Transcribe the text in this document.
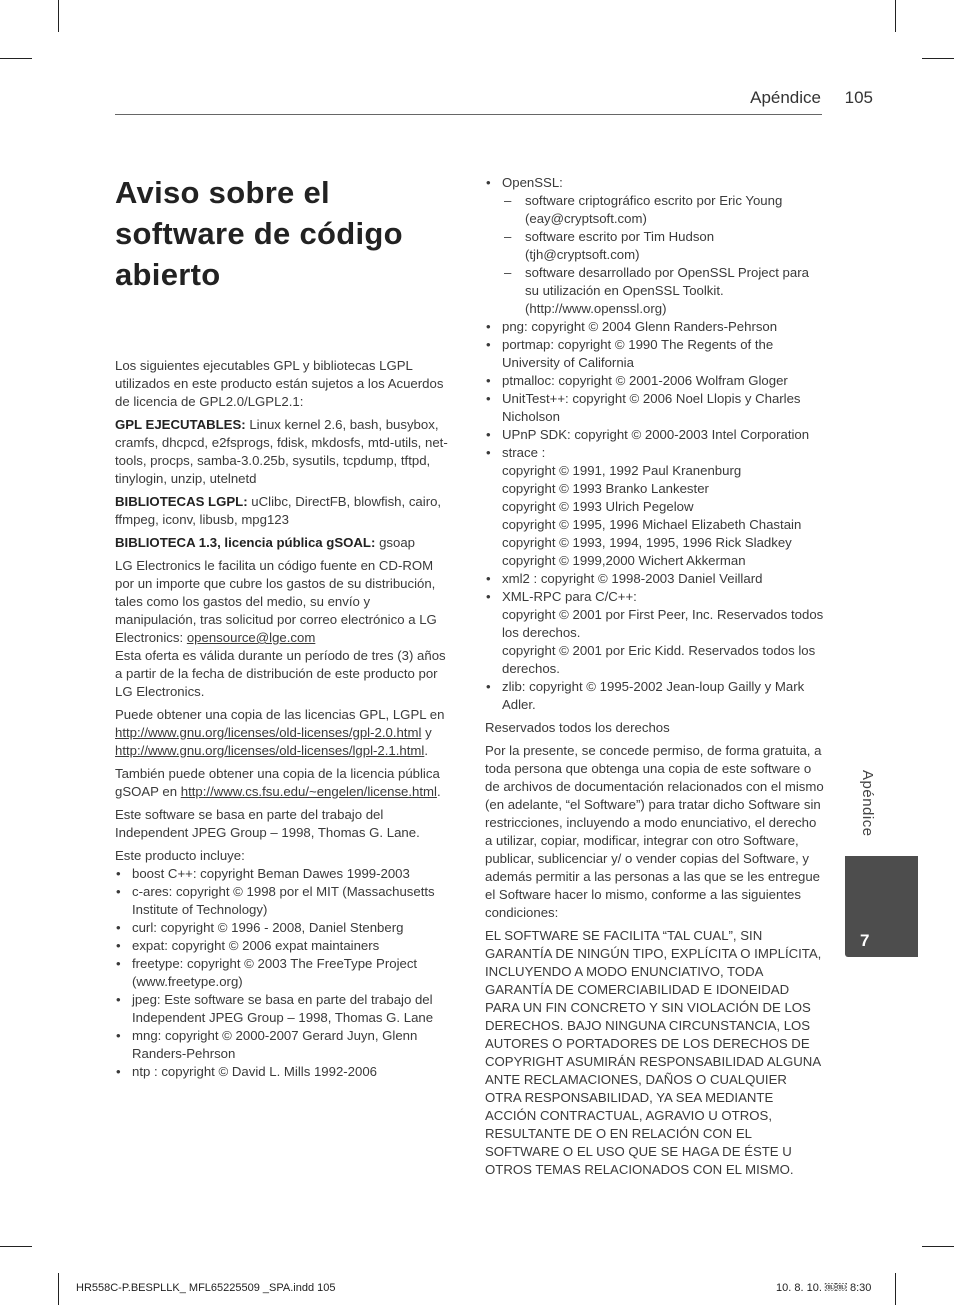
Apéndice 105
Aviso sobre el software de código abierto

Los siguientes ejecutables GPL y bibliotecas LGPL utilizados en este producto están sujetos a los Acuerdos de licencia de GPL2.0/LGPL2.1:

GPL EJECUTABLES: Linux kernel 2.6, bash, busybox, cramfs, dhcpcd, e2fsprogs, fdisk, mkdosfs, mtd-utils, net-tools, procps, samba-3.0.25b, sysutils, tcpdump, tftpd, tinylogin, unzip, utelnetd

BIBLIOTECAS LGPL: uClibc, DirectFB, blowfish, cairo, ffmpeg, iconv, libusb, mpg123

BIBLIOTECA 1.3, licencia pública gSOAL: gsoap

LG Electronics le facilita un código fuente en CD-ROM por un importe que cubre los gastos de su distribución, tales como los gastos del medio, su envío y manipulación, tras solicitud por correo electrónico a LG Electronics: opensource@lge.com
Esta oferta es válida durante un período de tres (3) años a partir de la fecha de distribución de este producto por LG Electronics.

Puede obtener una copia de las licencias GPL, LGPL en http://www.gnu.org/licenses/old-licenses/gpl-2.0.html y http://www.gnu.org/licenses/old-licenses/lgpl-2.1.html.

También puede obtener una copia de la licencia pública gSOAP en http://www.cs.fsu.edu/~engelen/license.html.

Este software se basa en parte del trabajo del Independent JPEG Group – 1998, Thomas G. Lane.

Este producto incluye:

• boost C++: copyright Beman Dawes 1999-2003
• c-ares: copyright © 1998 por el MIT (Massachusetts Institute of Technology)
• curl: copyright © 1996 - 2008, Daniel Stenberg
• expat: copyright © 2006 expat maintainers
• freetype: copyright © 2003 The FreeType Project (www.freetype.org)
• jpeg: Este software se basa en parte del trabajo del Independent JPEG Group – 1998, Thomas G. Lane
• mng: copyright © 2000-2007 Gerard Juyn, Glenn Randers-Pehrson
• ntp : copyright © David L. Mills 1992-2006
• OpenSSL:
– software criptográfico escrito por Eric Young (eay@cryptsoft.com)
– software escrito por Tim Hudson (tjh@cryptsoft.com)
– software desarrollado por OpenSSL Project para su utilización en OpenSSL Toolkit. (http://www.openssl.org)
• png: copyright © 2004 Glenn Randers-Pehrson
• portmap: copyright © 1990 The Regents of the University of California
• ptmalloc: copyright © 2001-2006 Wolfram Gloger
• UnitTest++: copyright © 2006 Noel Llopis y Charles Nicholson
• UPnP SDK: copyright © 2000-2003 Intel Corporation
• strace :
copyright © 1991, 1992 Paul Kranenburg
copyright © 1993 Branko Lankester
copyright © 1993 Ulrich Pegelow
copyright © 1995, 1996 Michael Elizabeth Chastain
copyright © 1993, 1994, 1995, 1996 Rick Sladkey
copyright © 1999,2000 Wichert Akkerman
• xml2 : copyright © 1998-2003 Daniel Veillard
• XML-RPC para C/C++:
copyright © 2001 por First Peer, Inc. Reservados todos los derechos.
copyright © 2001 por Eric Kidd. Reservados todos los derechos.
• zlib: copyright © 1995-2002 Jean-loup Gailly y Mark Adler.

Reservados todos los derechos

Por la presente, se concede permiso, de forma gratuita, a toda persona que obtenga una copia de este software o de archivos de documentación relacionados con el mismo (en adelante, “el Software”) para tratar dicho Software sin restricciones, incluyendo a modo enunciativo, el derecho a utilizar, copiar, modificar, integrar con otro Software, publicar, sublicenciar y/ o vender copias del Software, y además permitir a las personas a las que se les entregue el Software hacer lo mismo, conforme a las siguientes condiciones:

EL SOFTWARE SE FACILITA “TAL CUAL”, SIN GARANTÍA DE NINGÚN TIPO, EXPLÍCITA O IMPLÍCITA, INCLUYENDO A MODO ENUNCIATIVO, TODA GARANTÍA DE COMERCIABILIDAD E IDONEIDAD PARA UN FIN CONCRETO Y SIN VIOLACIÓN DE LOS DERECHOS. BAJO NINGUNA CIRCUNSTANCIA, LOS AUTORES O PORTADORES DE LOS DERECHOS DE COPYRIGHT ASUMIRÁN RESPONSABILIDAD ALGUNA ANTE RECLAMACIONES, DAÑOS O CUALQUIER OTRA RESPONSABILIDAD, YA SEA MEDIANTE ACCIÓN CONTRACTUAL, AGRAVIO U OTROS, RESULTANTE DE O EN RELACIÓN CON EL SOFTWARE O EL USO QUE SE HAGA DE ÉSTE U OTROS TEMAS RELACIONADOS CON EL MISMO.

Apéndice
7
HR558C-P.BESPLLK_ MFL65225509 _SPA.indd 105	10. 8. 10. ￼￼ 8:30
